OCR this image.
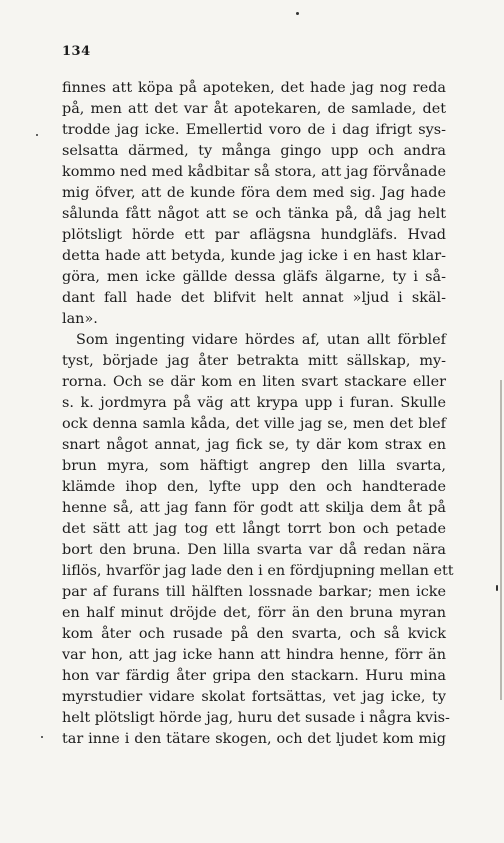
134
finnes att köpa på apoteken, det hade jag nog reda
på, men att det var åt apotekaren, de samlade, det
trodde jag icke. Emellertid voro de i dag ifrigt sys-
selsatta därmed, ty många gingo upp och andra
kommo ned med kådbitar så stora, att jag förvånade
mig öfver, att de kunde föra dem med sig. Jag hade
sålunda fått något att se och tänka på, då jag helt
plötsligt hörde ett par aflägsna hundgläfs. Hvad
detta hade att betyda, kunde jag icke i en hast klar-
göra, men icke gällde dessa gläfs älgarne, ty i så-
dant fall hade det blifvit helt annat »ljud i skäl-
lan».
Som ingenting vidare hördes af, utan allt förblef
tyst, började jag åter betrakta mitt sällskap, my-
rorna. Och se där kom en liten svart stackare eller
s. k. jordmyra på väg att krypa upp i furan. Skulle
ock denna samla kåda, det ville jag se, men det blef
snart något annat, jag fick se, ty där kom strax en
brun myra, som häftigt angrep den lilla svarta,
klämde ihop den, lyfte upp den och handterade
henne så, att jag fann för godt att skilja dem åt på
det sätt att jag tog ett långt torrt bon och petade
bort den bruna. Den lilla svarta var då redan nära
liflös, hvarför jag lade den i en fördjupning mellan ett
par af furans till hälften lossnade barkar; men icke
en half minut dröjde det, förr än den bruna myran
kom åter och rusade på den svarta, och så kvick
var hon, att jag icke hann att hindra henne, förr än
hon var färdig åter gripa den stackarn. Huru mina
myrstudier vidare skolat fortsättas, vet jag icke, ty
helt plötsligt hörde jag, huru det susade i några kvis-
tar inne i den tätare skogen, och det ljudet kom mig
